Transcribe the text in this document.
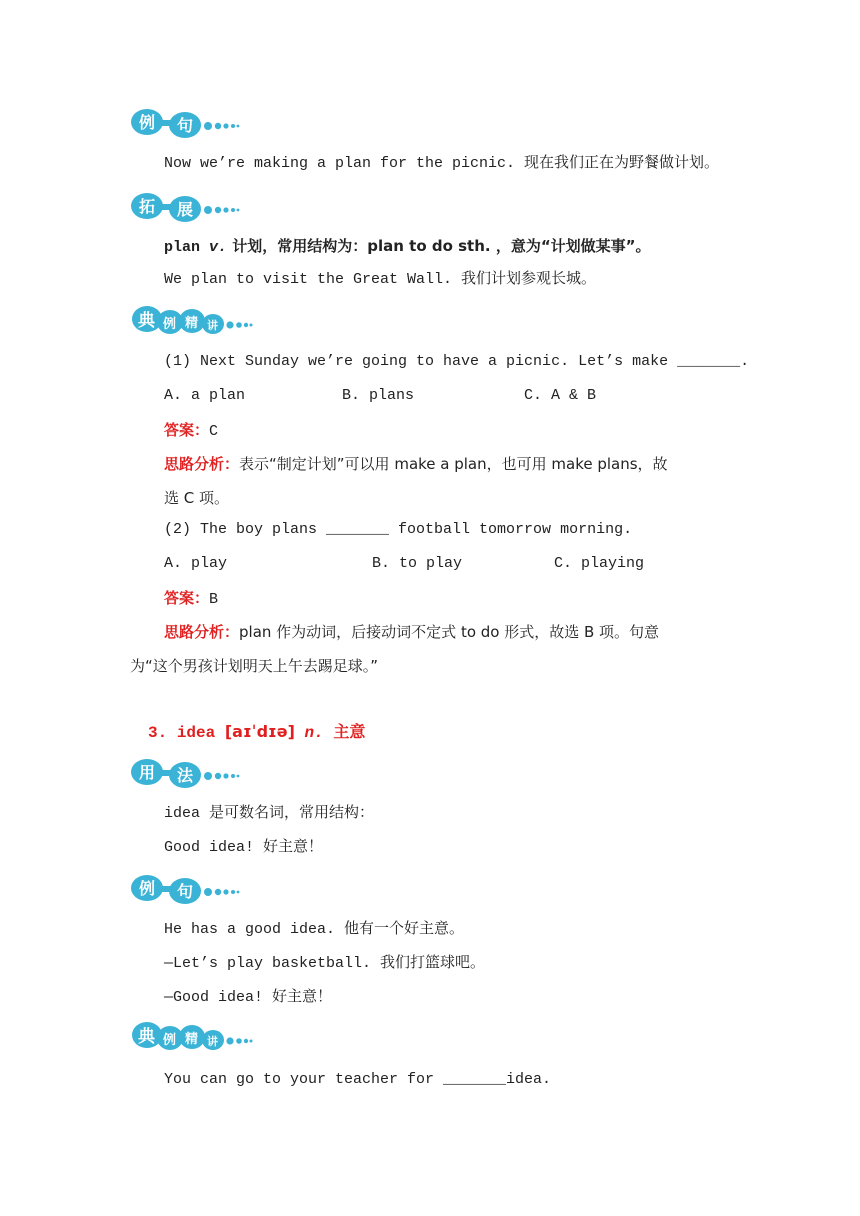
例 句
Now we’re making a plan for the picnic. 现在我们正在为野餐做计划。
拓 展
plan v. 计划，常用结构为：plan to do sth. ，意为“计划做某事”。
We plan to visit the Great Wall. 我们计划参观长城。
典 例 精 讲
(1) Next Sunday we’re going to have a picnic. Let’s make _______.
A. a plan	B. plans	C. A & B
答案：C
思路分析：表示“制定计划”可以用 make a plan，也可用 make plans，故
选 C 项。
(2) The boy plans _______ football tomorrow morning.
A. play	B. to play	C. playing
答案：B
思路分析：plan 作为动词，后接动词不定式 to do 形式，故选 B 项。句意
为“这个男孩计划明天上午去踢足球。”
3. idea [aɪˈdɪə] n. 主意
用 法
idea 是可数名词，常用结构：
Good idea! 好主意！
例 句
He has a good idea. 他有一个好主意。
—Let’s play basketball. 我们打篮球吧。
—Good idea! 好主意！
典 例 精 讲
You can go to your teacher for _______idea.
